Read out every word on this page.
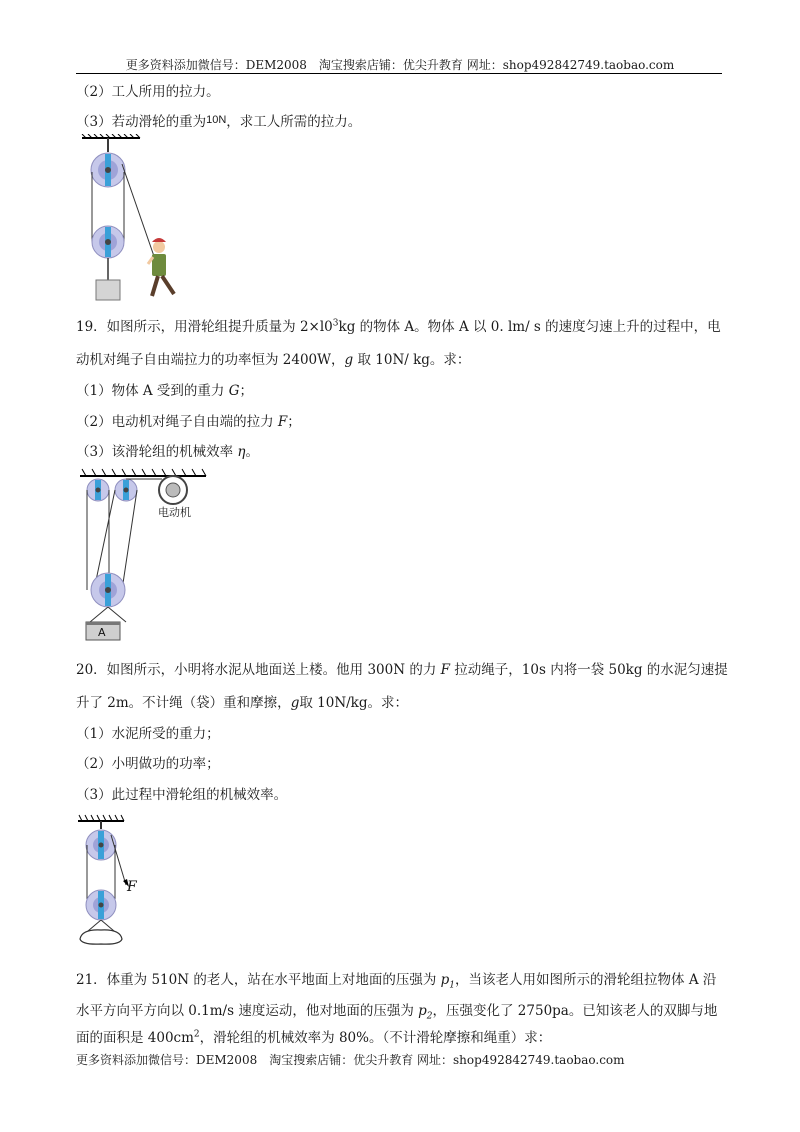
更多资料添加微信号：DEM2008　淘宝搜索店铺：优尖升教育 网址：shop492842749.taobao.com
（2）工人所用的拉力。
（3）若动滑轮的重为$^{10N}$，求工人所需的拉力。
19．如图所示，用滑轮组提升质量为 $2\times l0^3kg$ 的物体 A。物体 A 以 0. lm/ s 的速度匀速上升的过程中，电
动机对绳子自由端拉力的功率恒为 2400W，g 取 10N/ kg。求：
（1）物体 A 受到的重力 G；
（2）电动机对绳子自由端的拉力 F；
（3）该滑轮组的机械效率 η。
电动机
A
20．如图所示，小明将水泥从地面送上楼。他用 300N 的力 F 拉动绳子，10s 内将一袋 50kg 的水泥匀速提
升了 2m。不计绳（袋）重和摩擦，g取 10N/kg。求：
（1）水泥所受的重力；
（2）小明做功的功率；
（3）此过程中滑轮组的机械效率。
F
21．体重为 510N 的老人，站在水平地面上对地面的压强为 $p_1$，当该老人用如图所示的滑轮组拉物体 A 沿
水平方向平方向以 0.1m/s 速度运动，他对地面的压强为 $p_2$，压强变化了 2750pa。已知该老人的双脚与地
面的面积是 $400cm^2$，滑轮组的机械效率为 80%。（不计滑轮摩擦和绳重）求：
更多资料添加微信号：DEM2008　淘宝搜索店铺：优尖升教育 网址：shop492842749.taobao.com
